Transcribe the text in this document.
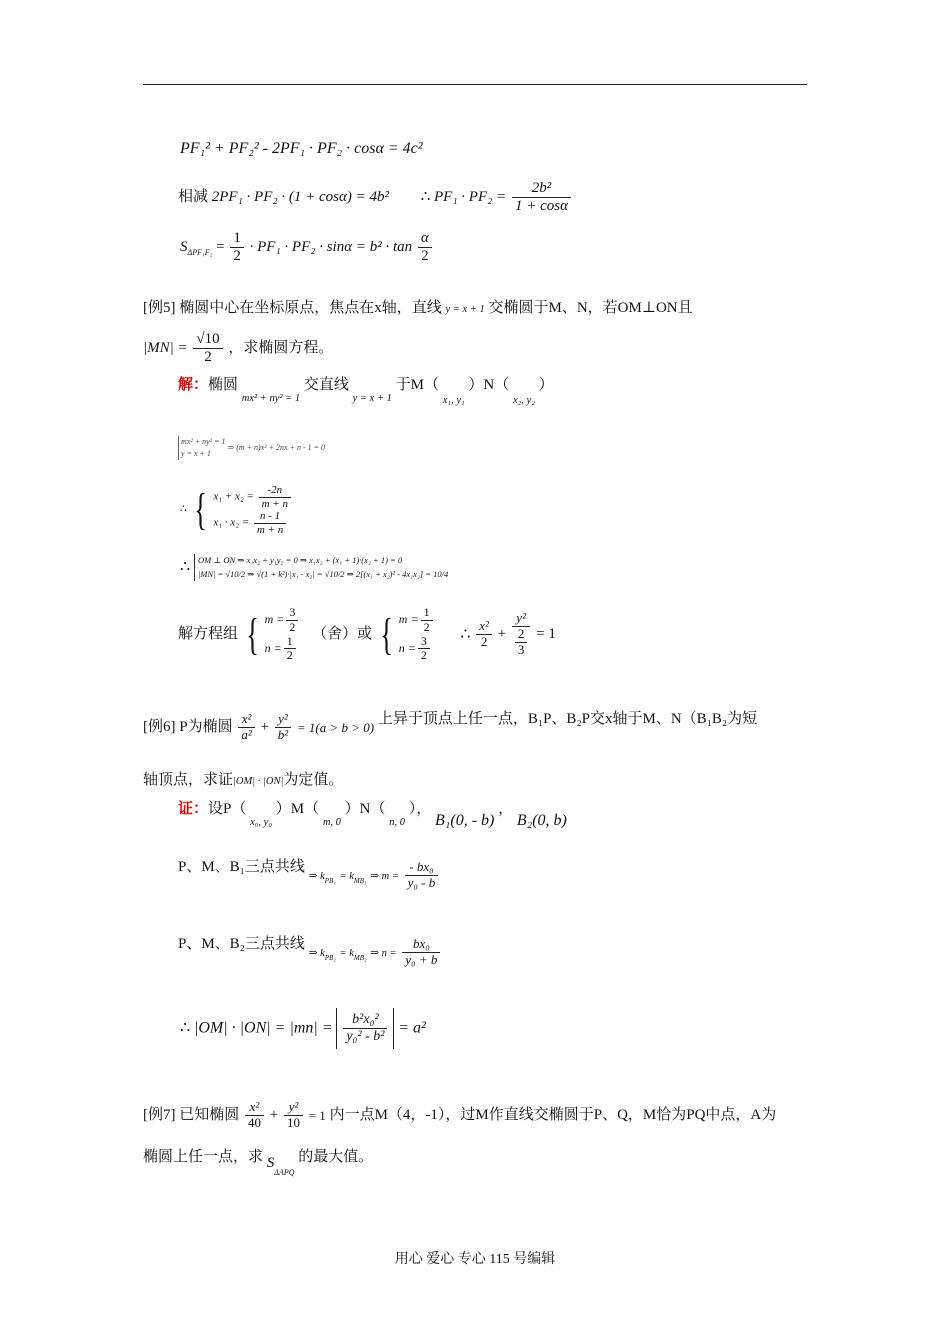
PF₁² + PF₂² - 2PF₁ · PF₂ · cosα = 4c²
相减 2PF₁ · PF₂ · (1 + cosα) = 4b² ∴ $PF_1 \cdot PF_2 = \frac{\text{2b²}}{1 + \cos\alpha}$
$S_{\Delta PF_1F_2} = \frac{1}{2} \cdot PF_1 \cdot PF_2 \cdot \sin\alpha = b^2 \cdot \tan \frac{\alpha}{2}$
[例5] 椭圆中心在坐标原点，焦点在x轴，直线 y = x + 1 交椭圆于M、N，若OM⊥ON且
$|MN| = \frac{√10}{2}$ ，求椭圆方程。
解：椭圆 $_{mx^2 + ny^2 = 1}$ 交直线 $_{y = x + 1}$ 于M（ $_{x_1, y_1}$ ）N（ $_{x_2, y_2}$ ）
mx² + ny² = 1
y = x + 1
⇒ (m + n)x² + 2nx + n - 1 = 0
∴ { $x_1 + x_2 = \frac{-2n}{m + n}$
$x_1 \cdot x_2 = \frac{n - 1}{m + n}$
∴ OM ⊥ ON ⇒ x₁x₂ + y₁y₂ = 0 ⇒ x₁x₂ + (x₁ + 1)·(x₂ + 1) = 0
|MN| = √10/2 ⇒ √(1 + k²)·|x₁ - x₂| = √10/2 ⇒ 2[(x₁ + x₂)² - 4x₁x₂] = 10/4
解方程组 { $m = \frac{3}{2}$
$n = \frac{1}{2}$
（舍）或 { $m = \frac{1}{2}$
$n = \frac{3}{2}$
∴ $\frac{\text{x²}}{2} + \frac{\text{y²}}{\frac{2}{3}} = 1$
[例6] P为椭圆 $\frac{\text{x²}}{\text{a²}} + \frac{\text{y²}}{\text{b²}} = 1(a > b > 0)$ 上异于顶点上任一点，B₁P、B₂P交x轴于M、N（B₁B₂为短
轴顶点，求证|OM| · |ON|为定值。
证：设P（ $_{x_0, y_0}$ ）M（ $_{m, 0}$ ）N（ $_{n, 0}$ ）， B₁(0, - b) ， B₂(0, b)
P、M、B₁三点共线 ⇒ $k_{PB_1} = k_{MB_1}$ ⇒ $m = \frac{\text{- bx₀}}{\text{y₀ - b}}$
P、M、B₂三点共线 ⇒ $k_{PB_2} = k_{MB_2}$ ⇒ $n = \frac{\text{bx₀}}{\text{y₀ + b}}$
∴ $|OM| \cdot |ON| = |mn| = \frac{\text{b²x₀²}}{\text{y₀² - b²}} = a^2$
[例7] 已知椭圆 $\frac{\text{x²}}{40} + \frac{\text{y²}}{10} = 1$ 内一点M（4，-1），过M作直线交椭圆于P、Q，M恰为PQ中点，A为
椭圆上任一点，求 $S_{\Delta APQ}$ 的最大值。
用心 爱心 专心 115 号编辑
